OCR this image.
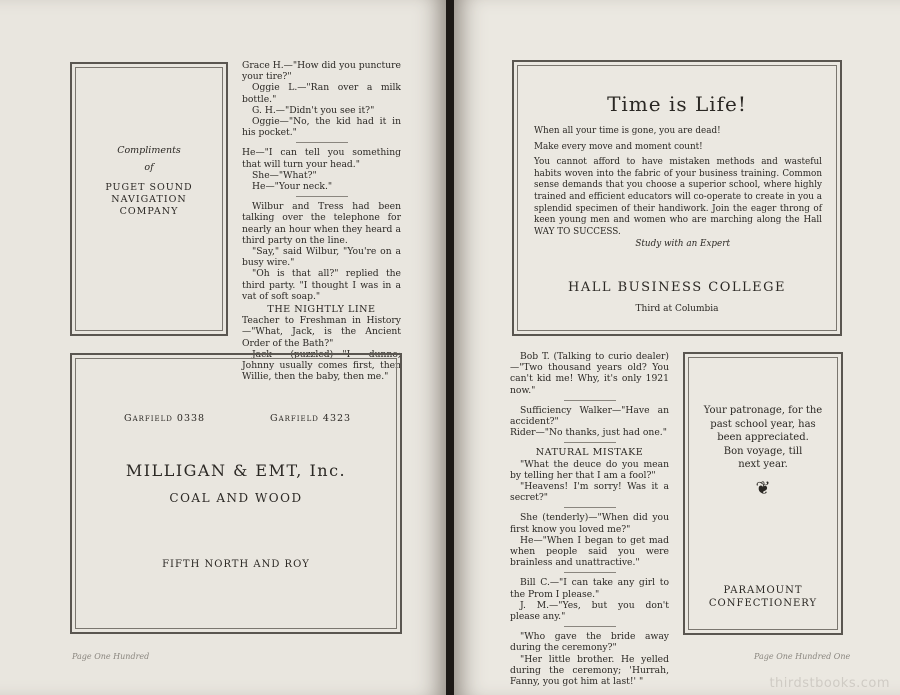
Compliments
of
PUGET SOUND
NAVIGATION
COMPANY

Grace H.—"How did you puncture your tire?"

Oggie L.—"Ran over a milk bottle."

G. H.—"Didn't you see it?"

Oggie—"No, the kid had it in his pocket."

He—"I can tell you something that will turn your head."

She—"What?"

He—"Your neck."

Wilbur and Tress had been talking over the telephone for nearly an hour when they heard a third party on the line.

"Say," said Wilbur, "You're on a busy wire."

"Oh is that all?" replied the third party. "I thought I was in a vat of soft soap."

THE NIGHTLY LINE

Teacher to Freshman in History—"What, Jack, is the Ancient Order of the Bath?"

Jack (puzzled)—"I dunno; Johnny usually comes first, then Willie, then the baby, then me."

Garfield 0338	Garfield 4323
MILLIGAN & EMT, Inc.
COAL AND WOOD
FIFTH NORTH AND ROY
Page One Hundred
Time is Life!
When all your time is gone, you are dead!
Make every move and moment count!
You cannot afford to have mistaken methods and wasteful habits woven into the fabric of your business training. Common sense demands that you choose a superior school, where highly trained and efficient educators will co-operate to create in you a splendid specimen of their handiwork. Join the eager throng of keen young men and women who are marching along the Hall WAY TO SUCCESS.
Study with an Expert
HALL BUSINESS COLLEGE
Third at Columbia

Bob T. (Talking to curio dealer)—"Two thousand years old? You can't kid me! Why, it's only 1921 now."

Sufficiency Walker—"Have an accident?"

Rider—"No thanks, just had one."

NATURAL MISTAKE

"What the deuce do you mean by telling her that I am a fool?"

"Heavens! I'm sorry! Was it a secret?"

She (tenderly)—"When did you first know you loved me?"

He—"When I began to get mad when people said you were brainless and unattractive."

Bill C.—"I can take any girl to the Prom I please."

J. M.—"Yes, but you don't please any."

"Who gave the bride away during the ceremony?"

"Her little brother. He yelled during the ceremony; 'Hurrah, Fanny, you got him at last!' "

Your patronage, for the
past school year, has
been appreciated.
Bon voyage, till
next year.
❦
PARAMOUNT
CONFECTIONERY
Page One Hundred One
thirdstbooks.com
